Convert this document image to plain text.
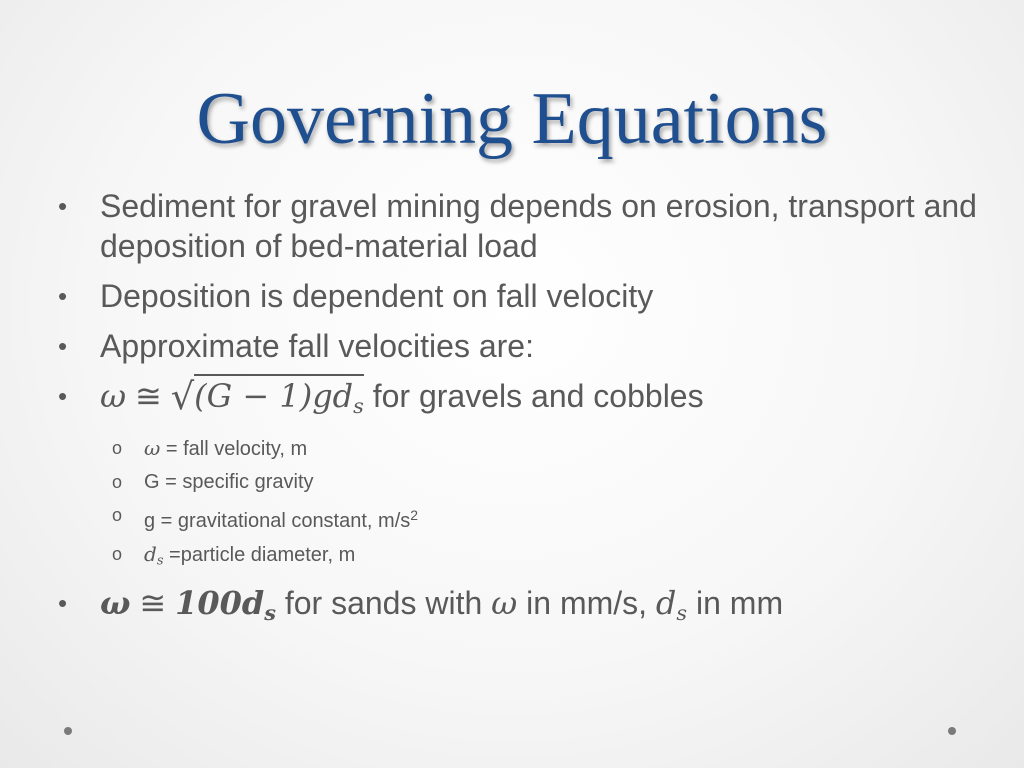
Governing Equations
• Sediment for gravel mining depends on erosion, transport and deposition of bed-material load
• Deposition is dependent on fall velocity
• Approximate fall velocities are:
• ω ≅ $√(G - 1)gd_s$ for gravels and cobbles
o ω = fall velocity, m
o G = specific gravity
o g = gravitational constant, $m/s^2$
o $d_s$ =particle diameter, m
• ω ≅ $100d_s$ for sands with ω in mm/s, $d_s$ in mm
